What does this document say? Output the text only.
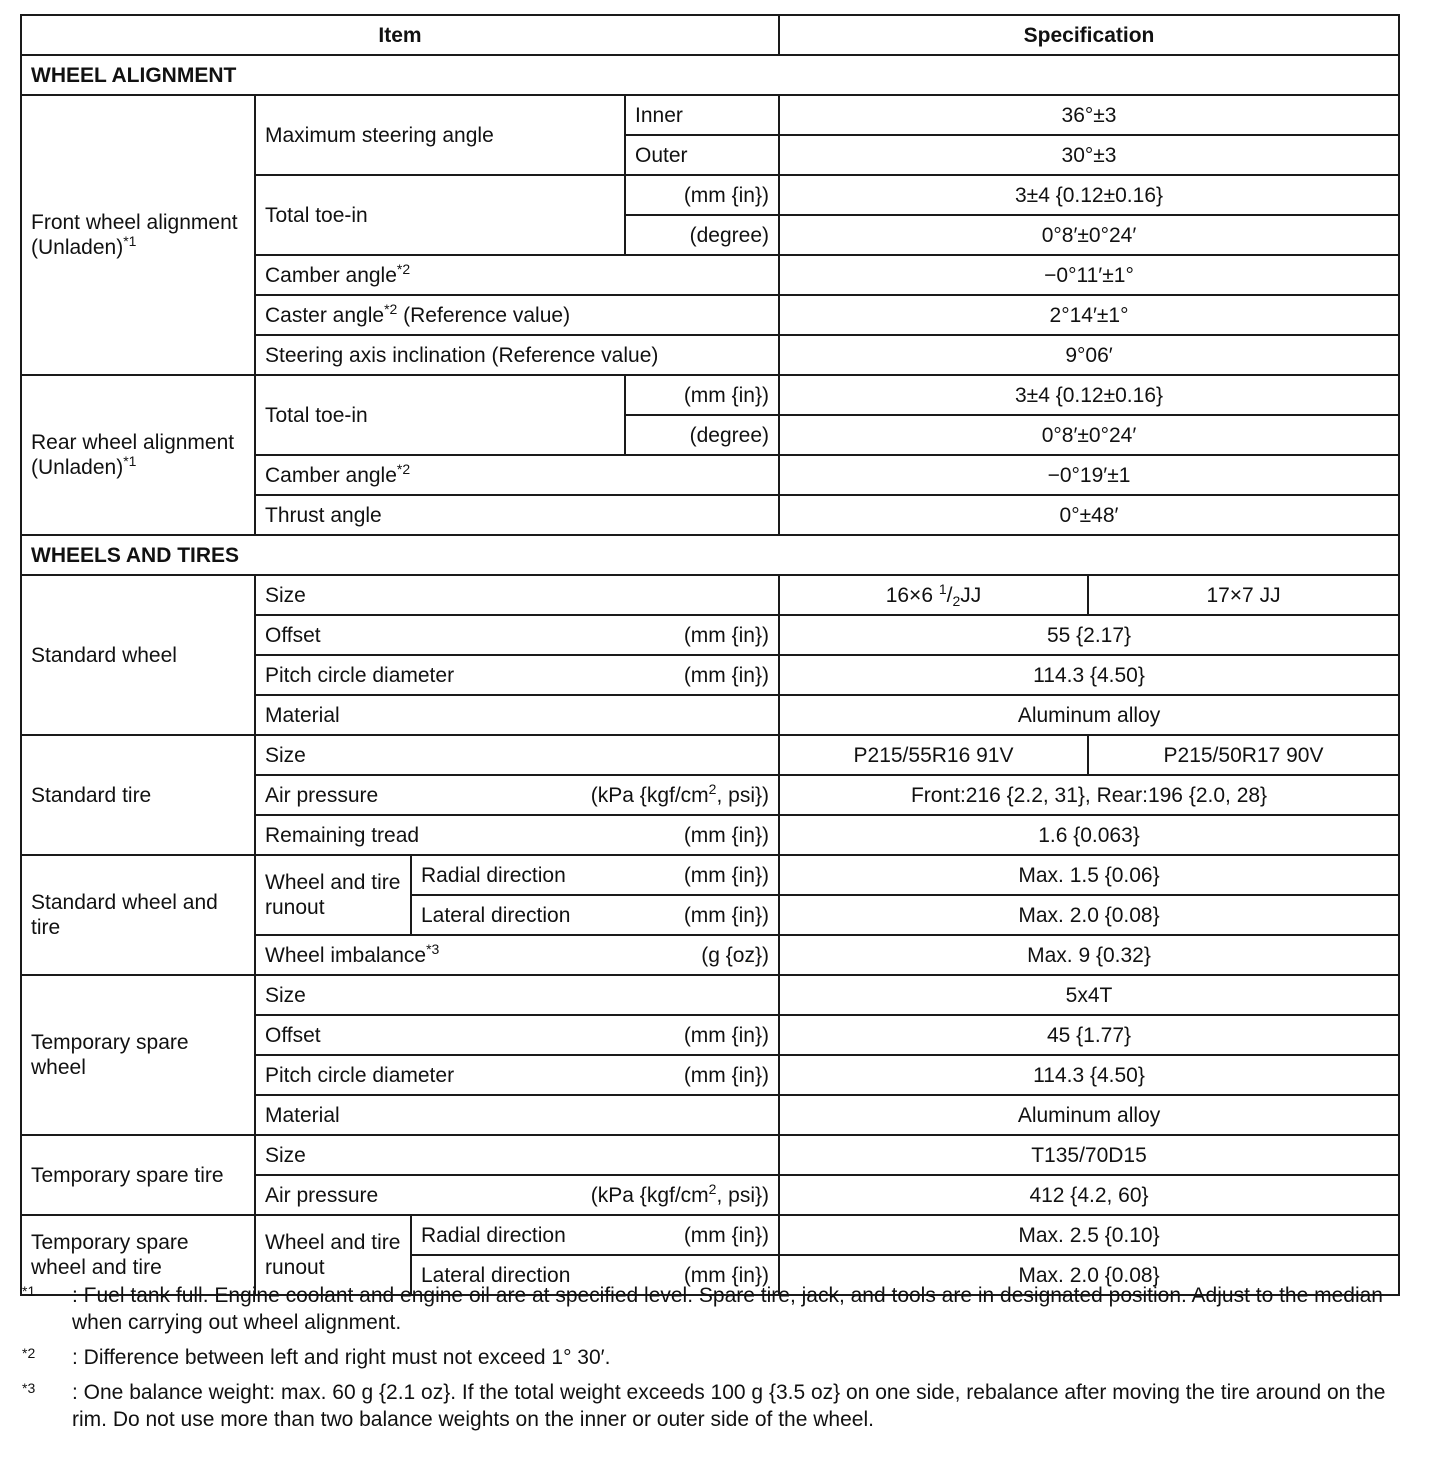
Item				Specification	
WHEEL ALIGNMENT					
Front wheel alignment (Unladen)$^{*1}$	Maximum steering angle		Inner	36°±3	
			Outer	30°±3	
	Total toe-in		(mm {in})	3±4 {0.12±0.16}	
			(degree)	0°8′±0°24′	
	Camber angle$^{*2}$			−0°11′±1°	
	Caster angle$^{*2}$ (Reference value)			2°14′±1°	
	Steering axis inclination (Reference value)			9°06′	
Rear wheel alignment (Unladen)$^{*1}$	Total toe-in		(mm {in})	3±4 {0.12±0.16}	
			(degree)	0°8′±0°24′	
	Camber angle$^{*2}$			−0°19′±1	
	Thrust angle			0°±48′	
WHEELS AND TIRES					
Standard wheel	Size			16×6 $^1/_2JJ$	17×7 JJ

	Offset (mm {in})			55 {2.17}	

	Pitch circle diameter (mm {in})			114.3 {4.50}	
	Material			Aluminum alloy	
Standard tire	Size			P215/55R16 91V	P215/50R17 90V

	Air pressure (kPa {$kgf/cm^2$, psi})			Front:216 {2.2, 31}, Rear:196 {2.0, 28}	

	Remaining tread (mm {in})			1.6 {0.063}	
Standard wheel and tire	Wheel and tire runout	Radial direction (mm {in})		Max. 1.5 {0.06}	

		Lateral direction (mm {in})		Max. 2.0 {0.08}	

	Wheel imbalance$^{*3}$ (g {oz})			Max. 9 {0.32}	
Temporary spare wheel	Size			5x4T	

	Offset (mm {in})			45 {1.77}	

	Pitch circle diameter (mm {in})			114.3 {4.50}	
	Material			Aluminum alloy	
Temporary spare tire	Size			T135/70D15	

	Air pressure (kPa {$kgf/cm^2$, psi})			412 {4.2, 60}	
Temporary spare wheel and tire	Wheel and tire runout	Radial direction (mm {in})		Max. 2.5 {0.10}	

		Lateral direction (mm {in})		Max. 2.0 {0.08}	
$^{*1}$	: Fuel tank full. Engine coolant and engine oil are at specified level. Spare tire, jack, and tools are in designated position. Adjust to the median when carrying out wheel alignment.
$^{*2}$	: Difference between left and right must not exceed 1° 30′.
$^{*3}$	: One balance weight: max. 60 g {2.1 oz}. If the total weight exceeds 100 g {3.5 oz} on one side, rebalance after moving the tire around on the rim. Do not use more than two balance weights on the inner or outer side of the wheel.
